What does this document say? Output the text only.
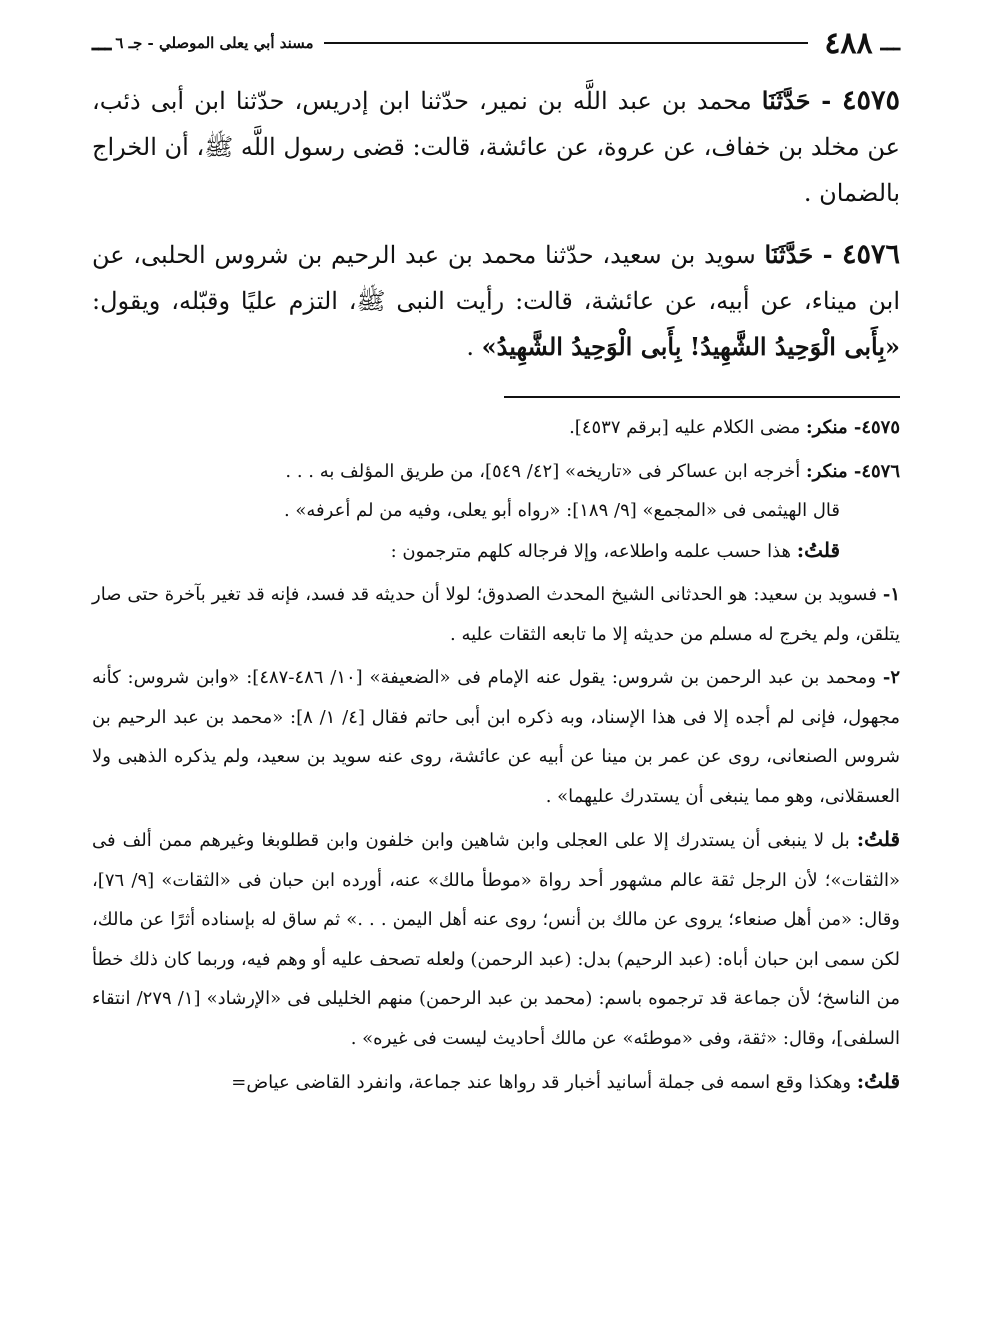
ـــ
٤٨٨
مسند أبي يعلى الموصلي - جـ ٦
ـــ

٤٥٧٥ - حَدَّثَنَا محمد بن عبد اللَّه بن نمير، حدّثنا ابن إدريس، حدّثنا ابن أبى ذئب، عن مخلد بن خفاف، عن عروة، عن عائشة، قالت: قضى رسول اللَّه ﷺ، أن الخراج بالضمان .

٤٥٧٦ - حَدَّثَنَا سويد بن سعيد، حدّثنا محمد بن عبد الرحيم بن شروس الحلبى، عن ابن ميناء، عن أبيه، عن عائشة، قالت: رأيت النبى ﷺ، التزم عليًا وقبّله، ويقول: «بِأَبى الْوَحِيدُ الشَّهِيدُ! بِأَبى الْوَحِيدُ الشَّهِيدُ» .

٤٥٧٥- منكر: مضى الكلام عليه [برقم ٤٥٣٧].

٤٥٧٦- منكر: أخرجه ابن عساكر فى «تاريخه» [٤٢/ ٥٤٩]، من طريق المؤلف به . . .

قال الهيثمى فى «المجمع» [٩/ ١٨٩]: «رواه أبو يعلى، وفيه من لم أعرفه» .

قلتُ: هذا حسب علمه واطلاعه، وإلا فرجاله كلهم مترجمون :

١- فسويد بن سعيد: هو الحدثانى الشيخ المحدث الصدوق؛ لولا أن حديثه قد فسد، فإنه قد تغير بآخرة حتى صار يتلقن، ولم يخرج له مسلم من حديثه إلا ما تابعه الثقات عليه .

٢- ومحمد بن عبد الرحمن بن شروس: يقول عنه الإمام فى «الضعيفة» [١٠/ ٤٨٦-٤٨٧]: «وابن شروس: كأنه مجهول، فإنى لم أجده إلا فى هذا الإسناد، وبه ذكره ابن أبى حاتم فقال [٤/ ١/ ٨]: «محمد بن عبد الرحيم بن شروس الصنعانى، روى عن عمر بن مينا عن أبيه عن عائشة، روى عنه سويد بن سعيد، ولم يذكره الذهبى ولا العسقلانى، وهو مما ينبغى أن يستدرك عليهما» .

قلتُ: بل لا ينبغى أن يستدرك إلا على العجلى وابن شاهين وابن خلفون وابن قطلوبغا وغيرهم ممن ألف فى «الثقات»؛ لأن الرجل ثقة عالم مشهور أحد رواة «موطأ مالك» عنه، أورده ابن حبان فى «الثقات» [٩/ ٧٦]، وقال: «من أهل صنعاء؛ يروى عن مالك بن أنس؛ روى عنه أهل اليمن . . .» ثم ساق له بإسناده أثرًا عن مالك، لكن سمى ابن حبان أباه: (عبد الرحيم) بدل: (عبد الرحمن) ولعله تصحف عليه أو وهم فيه، وربما كان ذلك خطأ من الناسخ؛ لأن جماعة قد ترجموه باسم: (محمد بن عبد الرحمن) منهم الخليلى فى «الإرشاد» [١/ ٢٧٩/ انتقاء السلفى]، وقال: «ثقة، وفى «موطئه» عن مالك أحاديث ليست فى غيره» .

قلتُ: وهكذا وقع اسمه فى جملة أسانيد أخبار قد رواها عند جماعة، وانفرد القاضى عياض=
